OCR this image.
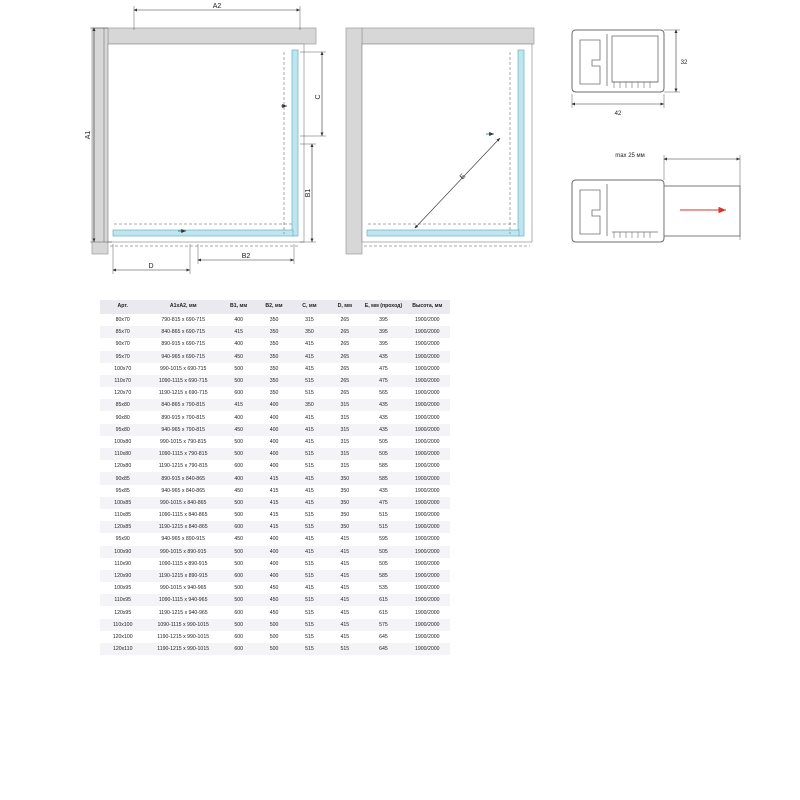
A2
A1
C
B1
D
B2
E
32
42
max 25 мм
Арт.	А1хА2, мм	В1, мм	В2, мм	С, мм	D, мм	Е, мм (проход)	Высота, мм
80х70	790-815 х 690-715	400	350	315	265	395	1900/2000
85х70	840-865 х 690-715	415	350	350	265	395	1900/2000
90х70	890-915 х 690-715	400	350	415	265	395	1900/2000
95х70	940-965 х 690-715	450	350	415	265	435	1900/2000
100х70	990-1015 х 690-715	500	350	415	265	475	1900/2000
110х70	1090-1115 х 690-715	500	350	515	265	475	1900/2000
120х70	1190-1215 х 690-715	600	350	515	265	565	1900/2000
85х80	840-865 х 790-815	415	400	350	315	435	1900/2000
90х80	890-915 х 790-815	400	400	415	315	435	1900/2000
95х80	940-965 х 790-815	450	400	415	315	435	1900/2000
100х80	990-1015 х 790-815	500	400	415	315	505	1900/2000
110х80	1090-1115 х 790-815	500	400	515	315	505	1900/2000
120х80	1190-1215 х 790-815	600	400	515	315	585	1900/2000
90х85	890-915 х 840-865	400	415	415	350	585	1900/2000
95х85	940-965 х 840-865	450	415	415	350	435	1900/2000
100х85	990-1015 х 840-865	500	415	415	350	475	1900/2000
110х85	1090-1115 х 840-865	500	415	515	350	515	1900/2000
120х85	1190-1215 х 840-865	600	415	515	350	515	1900/2000
95х90	940-965 х 890-915	450	400	415	415	595	1900/2000
100х90	990-1015 х 890-915	500	400	415	415	505	1900/2000
110х90	1090-1115 х 890-915	500	400	515	415	505	1900/2000
120х90	1190-1215 х 890-915	600	400	515	415	585	1900/2000
100х95	990-1015 х 940-965	500	450	415	415	535	1900/2000
110х95	1090-1115 х 940-965	500	450	515	415	615	1900/2000
120х95	1190-1215 х 940-965	600	450	515	415	615	1900/2000
110х100	1090-1115 х 990-1015	500	500	515	415	575	1900/2000
120х100	1190-1215 х 990-1015	600	500	515	415	645	1900/2000
120х110	1190-1215 х 990-1015	600	500	515	515	645	1900/2000
